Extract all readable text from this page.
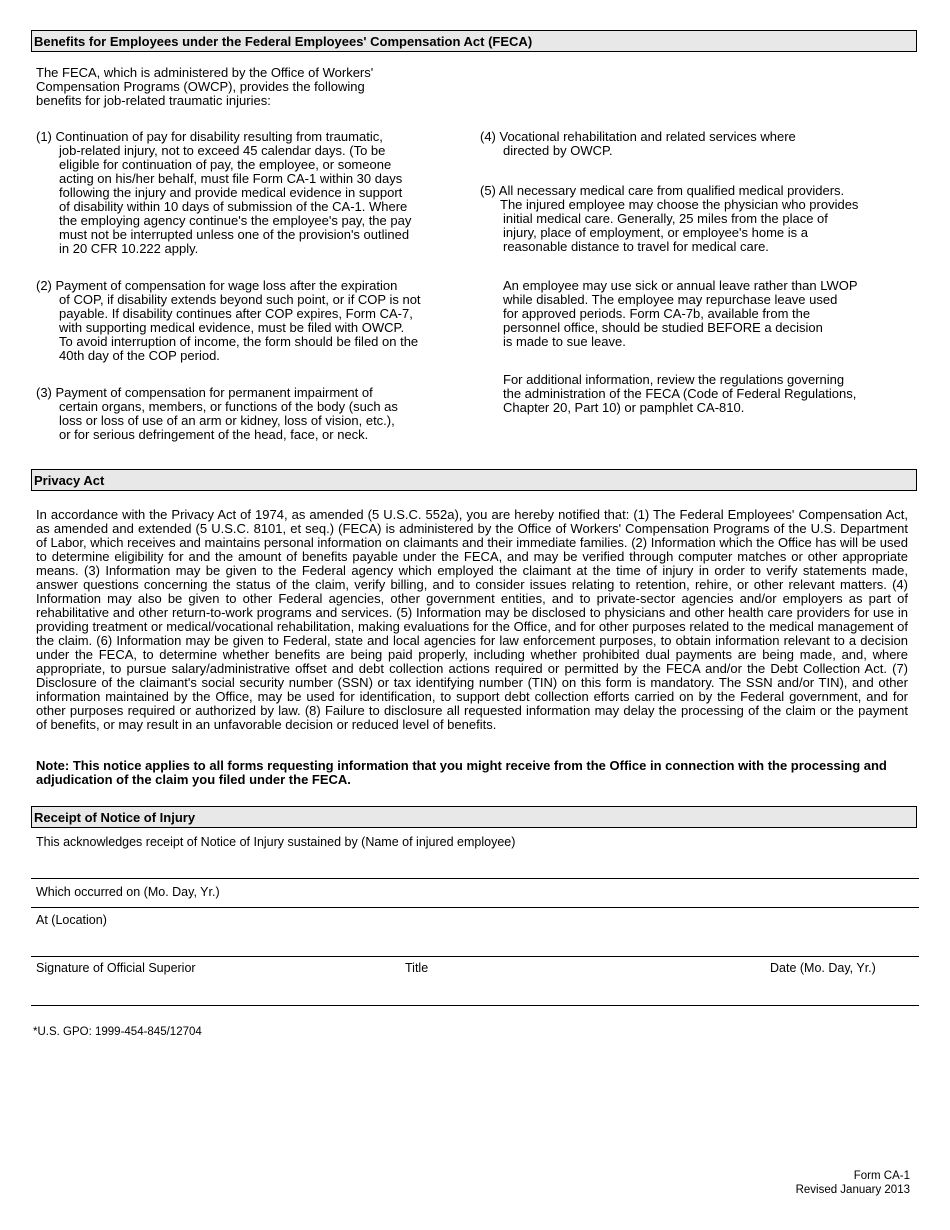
Benefits for Employees under the Federal Employees' Compensation Act (FECA)
The FECA, which is administered by the Office of Workers'
Compensation Programs (OWCP), provides the following
benefits for job-related traumatic injuries:
(1) Continuation of pay for disability resulting from traumatic,
job-related injury, not to exceed 45 calendar days. (To be
eligible for continuation of pay, the employee, or someone
acting on his/her behalf, must file Form CA-1 within 30 days
following the injury and provide medical evidence in support
of disability within 10 days of submission of the CA-1. Where
the employing agency continue's the employee's pay, the pay
must not be interrupted unless one of the provision's outlined
in 20 CFR 10.222 apply.
(2) Payment of compensation for wage loss after the expiration
of COP, if disability extends beyond such point, or if COP is not
payable. If disability continues after COP expires, Form CA-7,
with supporting medical evidence, must be filed with OWCP.
To avoid interruption of income, the form should be filed on the
40th day of the COP period.
(3) Payment of compensation for permanent impairment of
certain organs, members, or functions of the body (such as
loss or loss of use of an arm or kidney, loss of vision, etc.),
or for serious defringement of the head, face, or neck.
(4) Vocational rehabilitation and related services where
directed by OWCP.
(5) All necessary medical care from qualified medical providers.
The injured employee may choose the physician who provides
initial medical care. Generally, 25 miles from the place of
injury, place of employment, or employee's home is a
reasonable distance to travel for medical care.
An employee may use sick or annual leave rather than LWOP
while disabled. The employee may repurchase leave used
for approved periods. Form CA-7b, available from the
personnel office, should be studied BEFORE a decision
is made to sue leave.
For additional information, review the regulations governing
the administration of the FECA (Code of Federal Regulations,
Chapter 20, Part 10) or pamphlet CA-810.
Privacy Act
In accordance with the Privacy Act of 1974, as amended (5 U.S.C. 552a), you are hereby notified that: (1) The Federal Employees' Compensation Act, as amended and extended (5 U.S.C. 8101, et seq.) (FECA) is administered by the Office of Workers' Compensation Programs of the U.S. Department of Labor, which receives and maintains personal information on claimants and their immediate families. (2) Information which the Office has will be used to determine eligibility for and the amount of benefits payable under the FECA, and may be verified through computer matches or other appropriate means. (3) Information may be given to the Federal agency which employed the claimant at the time of injury in order to verify statements made, answer questions concerning the status of the claim, verify billing, and to consider issues relating to retention, rehire, or other relevant matters. (4) Information may also be given to other Federal agencies, other government entities, and to private-sector agencies and/or employers as part of rehabilitative and other return-to-work programs and services. (5) Information may be disclosed to physicians and other health care providers for use in providing treatment or medical/vocational rehabilitation, making evaluations for the Office, and for other purposes related to the medical management of the claim. (6) Information may be given to Federal, state and local agencies for law enforcement purposes, to obtain information relevant to a decision under the FECA, to determine whether benefits are being paid properly, including whether prohibited dual payments are being made, and, where appropriate, to pursue salary/administrative offset and debt collection actions required or permitted by the FECA and/or the Debt Collection Act. (7) Disclosure of the claimant's social security number (SSN) or tax identifying number (TIN) on this form is mandatory. The SSN and/or TIN), and other information maintained by the Office, may be used for identification, to support debt collection efforts carried on by the Federal government, and for other purposes required or authorized by law. (8) Failure to disclosure all requested information may delay the processing of the claim or the payment of benefits, or may result in an unfavorable decision or reduced level of benefits.
Note: This notice applies to all forms requesting information that you might receive from the Office in connection with the processing and adjudication of the claim you filed under the FECA.
Receipt of Notice of Injury
This acknowledges receipt of Notice of Injury sustained by (Name of injured employee)
Which occurred on (Mo. Day, Yr.)
At (Location)
Signature of Official Superior	Title	Date (Mo. Day, Yr.)
*U.S. GPO: 1999-454-845/12704
Form CA-1
Revised January 2013
